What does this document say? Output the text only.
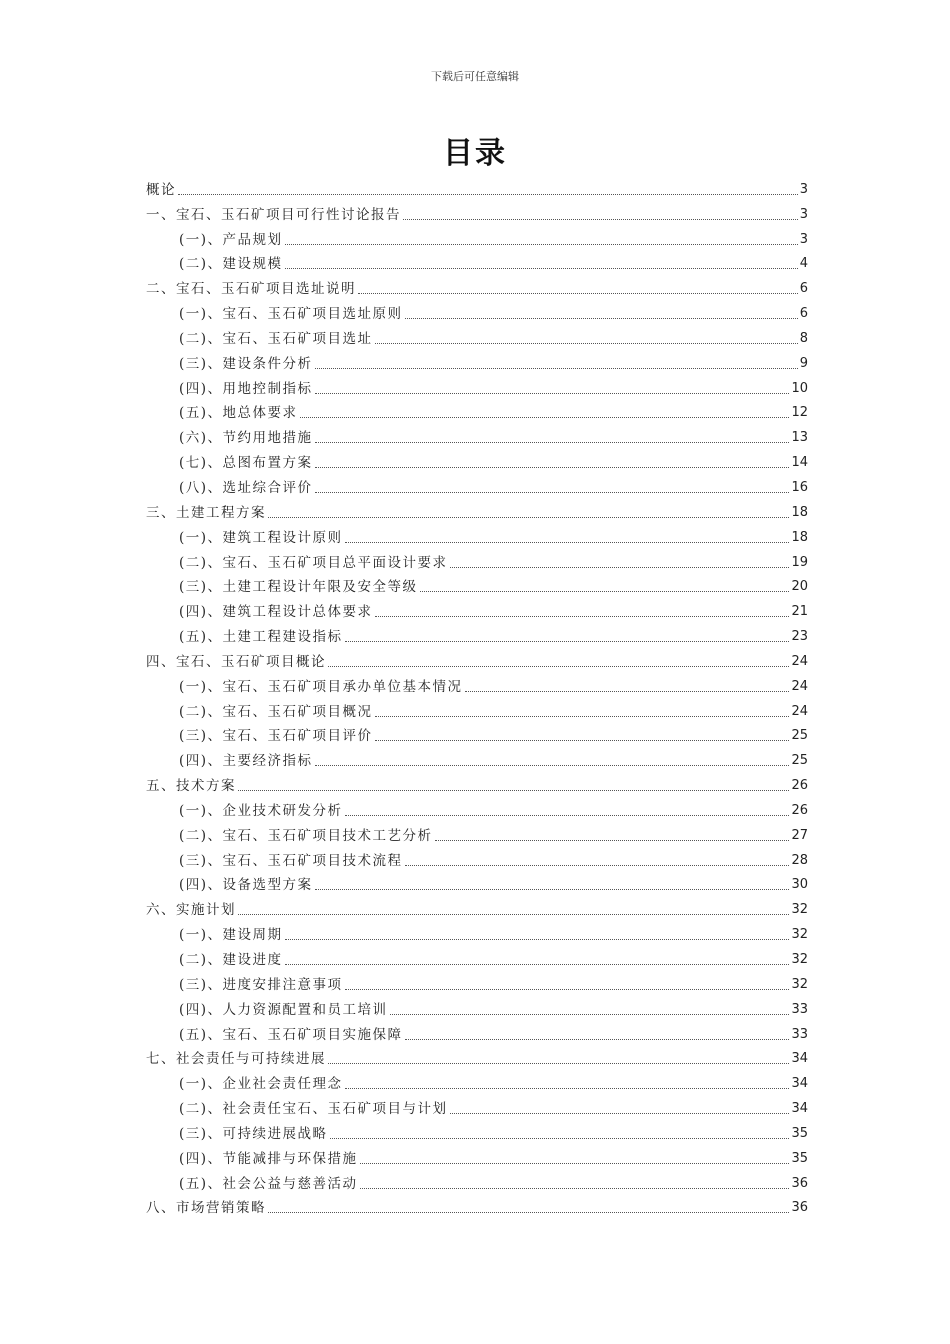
下载后可任意编辑
目录
概论	3
一、宝石、玉石矿项目可行性讨论报告	3
(一)、产品规划	3
(二)、建设规模	4
二、宝石、玉石矿项目选址说明	6
(一)、宝石、玉石矿项目选址原则	6
(二)、宝石、玉石矿项目选址	8
(三)、建设条件分析	9
(四)、用地控制指标	10
(五)、地总体要求	12
(六)、节约用地措施	13
(七)、总图布置方案	14
(八)、选址综合评价	16
三、土建工程方案	18
(一)、建筑工程设计原则	18
(二)、宝石、玉石矿项目总平面设计要求	19
(三)、土建工程设计年限及安全等级	20
(四)、建筑工程设计总体要求	21
(五)、土建工程建设指标	23
四、宝石、玉石矿项目概论	24
(一)、宝石、玉石矿项目承办单位基本情况	24
(二)、宝石、玉石矿项目概况	24
(三)、宝石、玉石矿项目评价	25
(四)、主要经济指标	25
五、技术方案	26
(一)、企业技术研发分析	26
(二)、宝石、玉石矿项目技术工艺分析	27
(三)、宝石、玉石矿项目技术流程	28
(四)、设备选型方案	30
六、实施计划	32
(一)、建设周期	32
(二)、建设进度	32
(三)、进度安排注意事项	32
(四)、人力资源配置和员工培训	33
(五)、宝石、玉石矿项目实施保障	33
七、社会责任与可持续进展	34
(一)、企业社会责任理念	34
(二)、社会责任宝石、玉石矿项目与计划	34
(三)、可持续进展战略	35
(四)、节能减排与环保措施	35
(五)、社会公益与慈善活动	36
八、市场营销策略	36
